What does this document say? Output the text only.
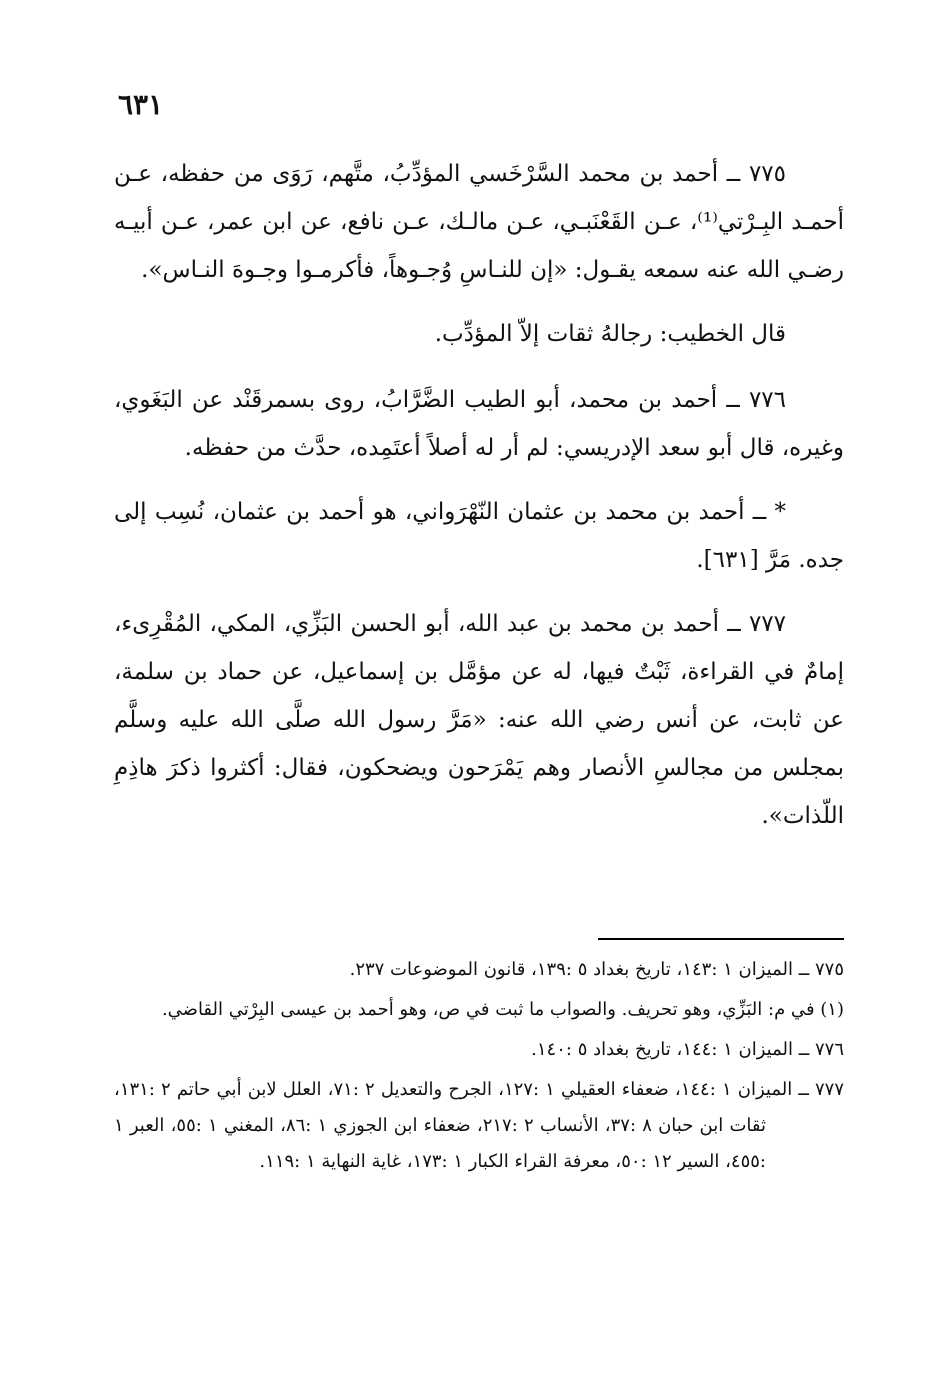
٦٣١

٧٧٥ ــ أحمد بن محمد السَّرْخَسي المؤدِّبُ، متَّهم، رَوَى من حفظه، عـن أحمـد البِـرْتي⁽¹⁾، عـن القَعْنَبـي، عـن مالـك، عـن نافع، عن ابن عمر، عـن أبيـه رضـي الله عنه سمعه يقـول: «إن للنـاسِ وُجـوهاً، فأكرمـوا وجـوهَ النـاس».

قال الخطيب: رجالهُ ثقات إلاّ المؤدِّب.

٧٧٦ ــ أحمد بن محمد، أبو الطيب الضَّرَّابُ، روى بسمرقَنْد عن البَغَوي، وغيره، قال أبو سعد الإدريسي: لم أر له أصلاً أعتَمِده، حدَّث من حفظه.

* ــ أحمد بن محمد بن عثمان النّهْرَواني، هو أحمد بن عثمان، نُسِب إلى جده. مَرَّ [٦٣١].

٧٧٧ ــ أحمد بن محمد بن عبد الله، أبو الحسن البَزِّي، المكي، المُقْرِىء، إمامٌ في القراءة، ثَبْتٌ فيها، له عن مؤمَّل بن إسماعيل، عن حماد بن سلمة، عن ثابت، عن أنس رضي الله عنه: «مَرَّ رسول الله صلَّى الله عليه وسلَّم بمجلس من مجالسِ الأنصار وهم يَمْرَحون ويضحكون، فقال: أكثروا ذكرَ هاذِمِ اللّذات».

٧٧٥ ــ الميزان ١ :١٤٣، تاريخ بغداد ٥ :١٣٩، قانون الموضوعات ٢٣٧.

(١) في م: البَزِّي، وهو تحريف. والصواب ما ثبت في ص، وهو أحمد بن عيسى البِرْتي القاضي.

٧٧٦ ــ الميزان ١ :١٤٤، تاريخ بغداد ٥ :١٤٠.

٧٧٧ ــ الميزان ١ :١٤٤، ضعفاء العقيلي ١ :١٢٧، الجرح والتعديل ٢ :٧١، العلل لابن أبي حاتم ٢ :١٣١، ثقات ابن حبان ٨ :٣٧، الأنساب ٢ :٢١٧، ضعفاء ابن الجوزي ١ :٨٦، المغني ١ :٥٥، العبر ١ :٤٥٥، السير ١٢ :٥٠، معرفة القراء الكبار ١ :١٧٣، غاية النهاية ١ :١١٩.
